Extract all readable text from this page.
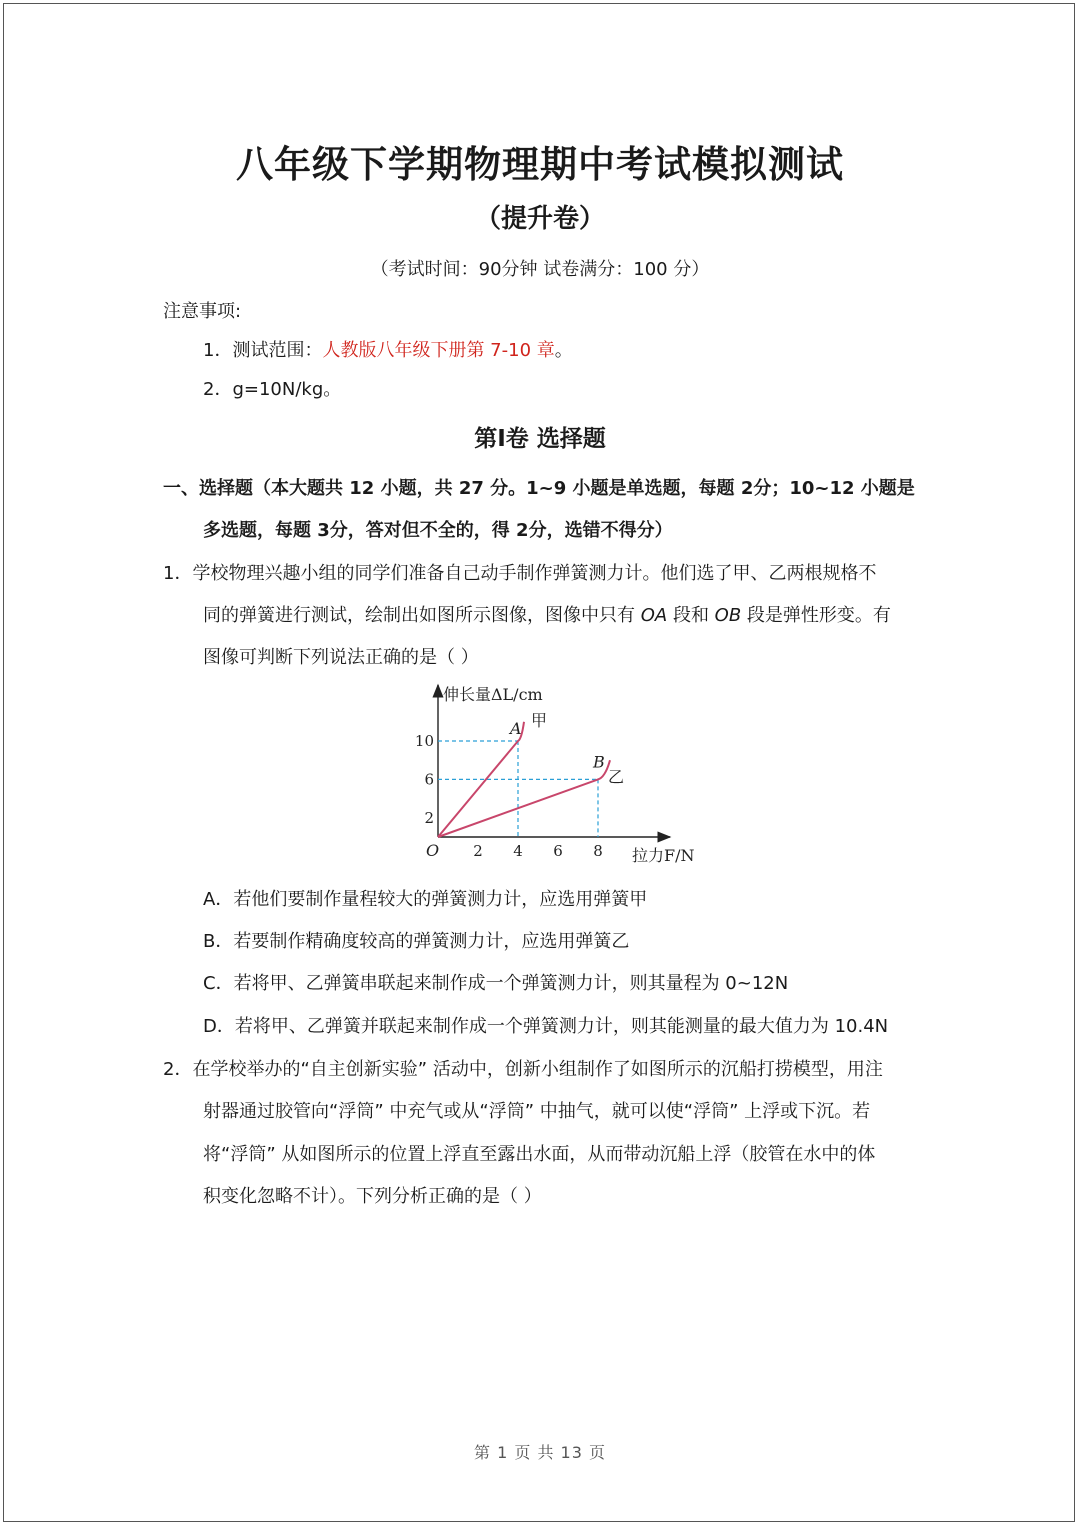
八年级下学期物理期中考试模拟测试
（提升卷）
（考试时间：90分钟 试卷满分：100 分）
注意事项:
1．测试范围：人教版八年级下册第 7-10 章。
2．g=10N/kg。
第Ⅰ卷 选择题
一、选择题（本大题共 12 小题，共 27 分。1~9 小题是单选题，每题 2分；10~12 小题是
多选题，每题 3分，答对但不全的，得 2分，选错不得分）
1．学校物理兴趣小组的同学们准备自己动手制作弹簧测力计。他们选了甲、乙两根规格不
同的弹簧进行测试，绘制出如图所示图像，图像中只有 OA 段和 OB 段是弹性形变。有
图像可判断下列说法正确的是（ ）
伸长量ΔL/cm
拉力F/N
O 2 4 6 8
2
6
10
A
B
甲
乙
A．若他们要制作量程较大的弹簧测力计，应选用弹簧甲
B．若要制作精确度较高的弹簧测力计，应选用弹簧乙
C．若将甲、乙弹簧串联起来制作成一个弹簧测力计，则其量程为 0~12N
D．若将甲、乙弹簧并联起来制作成一个弹簧测力计，则其能测量的最大值力为 10.4N
2．在学校举办的“自主创新实验” 活动中，创新小组制作了如图所示的沉船打捞模型，用注
射器通过胶管向“浮筒” 中充气或从“浮筒” 中抽气，就可以使“浮筒” 上浮或下沉。若
将“浮筒” 从如图所示的位置上浮直至露出水面，从而带动沉船上浮（胶管在水中的体
积变化忽略不计）。下列分析正确的是（ ）
第 1 页 共 13 页
